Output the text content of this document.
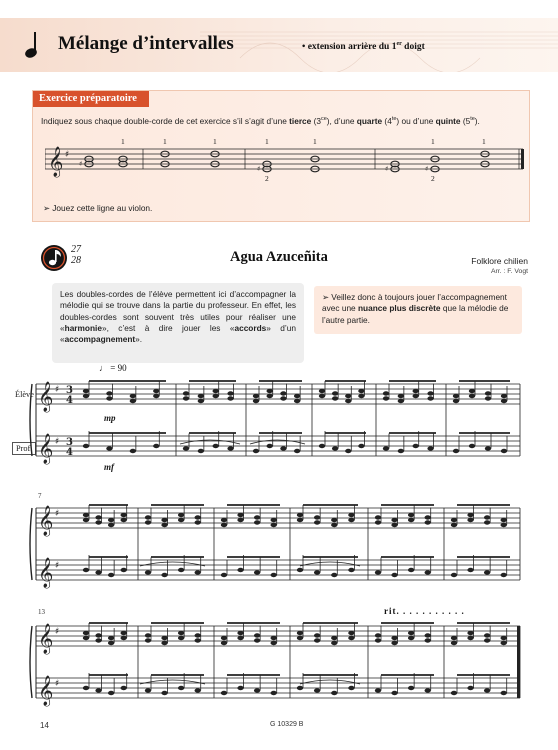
Mélange d’intervalles	• extension arrière du 1er doigt
Exercice préparatoire
Indiquez sous chaque double-corde de cet exercice s’il s’agit d’une tierce $(3^{ce})$, d’une quarte $(4^{te})$ ou d’une quinte $(5^{te})$.
𝄞 ♯
♯
♯	♯	♯
1	1	1	1	1	1	1
2	2
➢ Jouez cette ligne au violon.
27
28	Agua Azuceñita	Folklore chilien
Arr. : F. Vogt
Les doubles-cordes de l’élève permettent ici d’accompagner la mélodie qui se trouve dans la partie du professeur. En effet, les doubles-cordes sont souvent très utiles pour réaliser une «harmonie», c’est à dire jouer les «accords» d’un «accompagnement».
➢ Veillez donc à toujours jouer l’accompagnement avec une nuance plus discrète que la mélodie de l’autre partie.
♩ = 90
Élève
Prof.
7
13	rit. . . . . . . . . . .
mp
mf
𝄞 ♯
𝄞 ♯
3
4
3
4
𝄞 ♯
𝄞 ♯
𝄞 ♯
𝄞 ♯
14	G 10329 B
